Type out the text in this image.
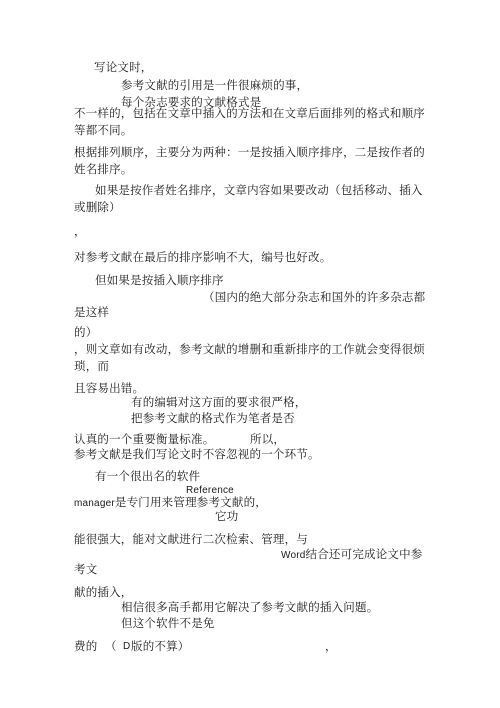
写论文时，
参考文献的引用是一件很麻烦的事，
每个杂志要求的文献格式是
不一样的，包括在文章中插入的方法和在文章后面排列的格式和顺序
等都不同。
根据排列顺序，主要分为两种：一是按插入顺序排序，二是按作者的
姓名排序。
如果是按作者姓名排序，文章内容如果要改动（包括移动、插入
或删除）
，
对参考文献在最后的排序影响不大，编号也好改。
但如果是按插入顺序排序
（国内的绝大部分杂志和国外的许多杂志都
是这样
的）
，则文章如有改动，参考文献的增删和重新排序的工作就会变得很烦
琐，而
且容易出错。
有的编辑对这方面的要求很严格，
把参考文献的格式作为笔者是否
认真的一个重要衡量标准。	所以，
参考文献是我们写论文时不容忽视的一个环节。
有一个很出名的软件
Reference
manager是专门用来管理参考文献的，
它功
能很强大，能对文献进行二次检索、管理，与
Word结合还可完成论文中参
考文
献的插入，
相信很多高手都用它解决了参考文献的插入问题。
但这个软件不是免
费的 （ D 版的不算）	，
